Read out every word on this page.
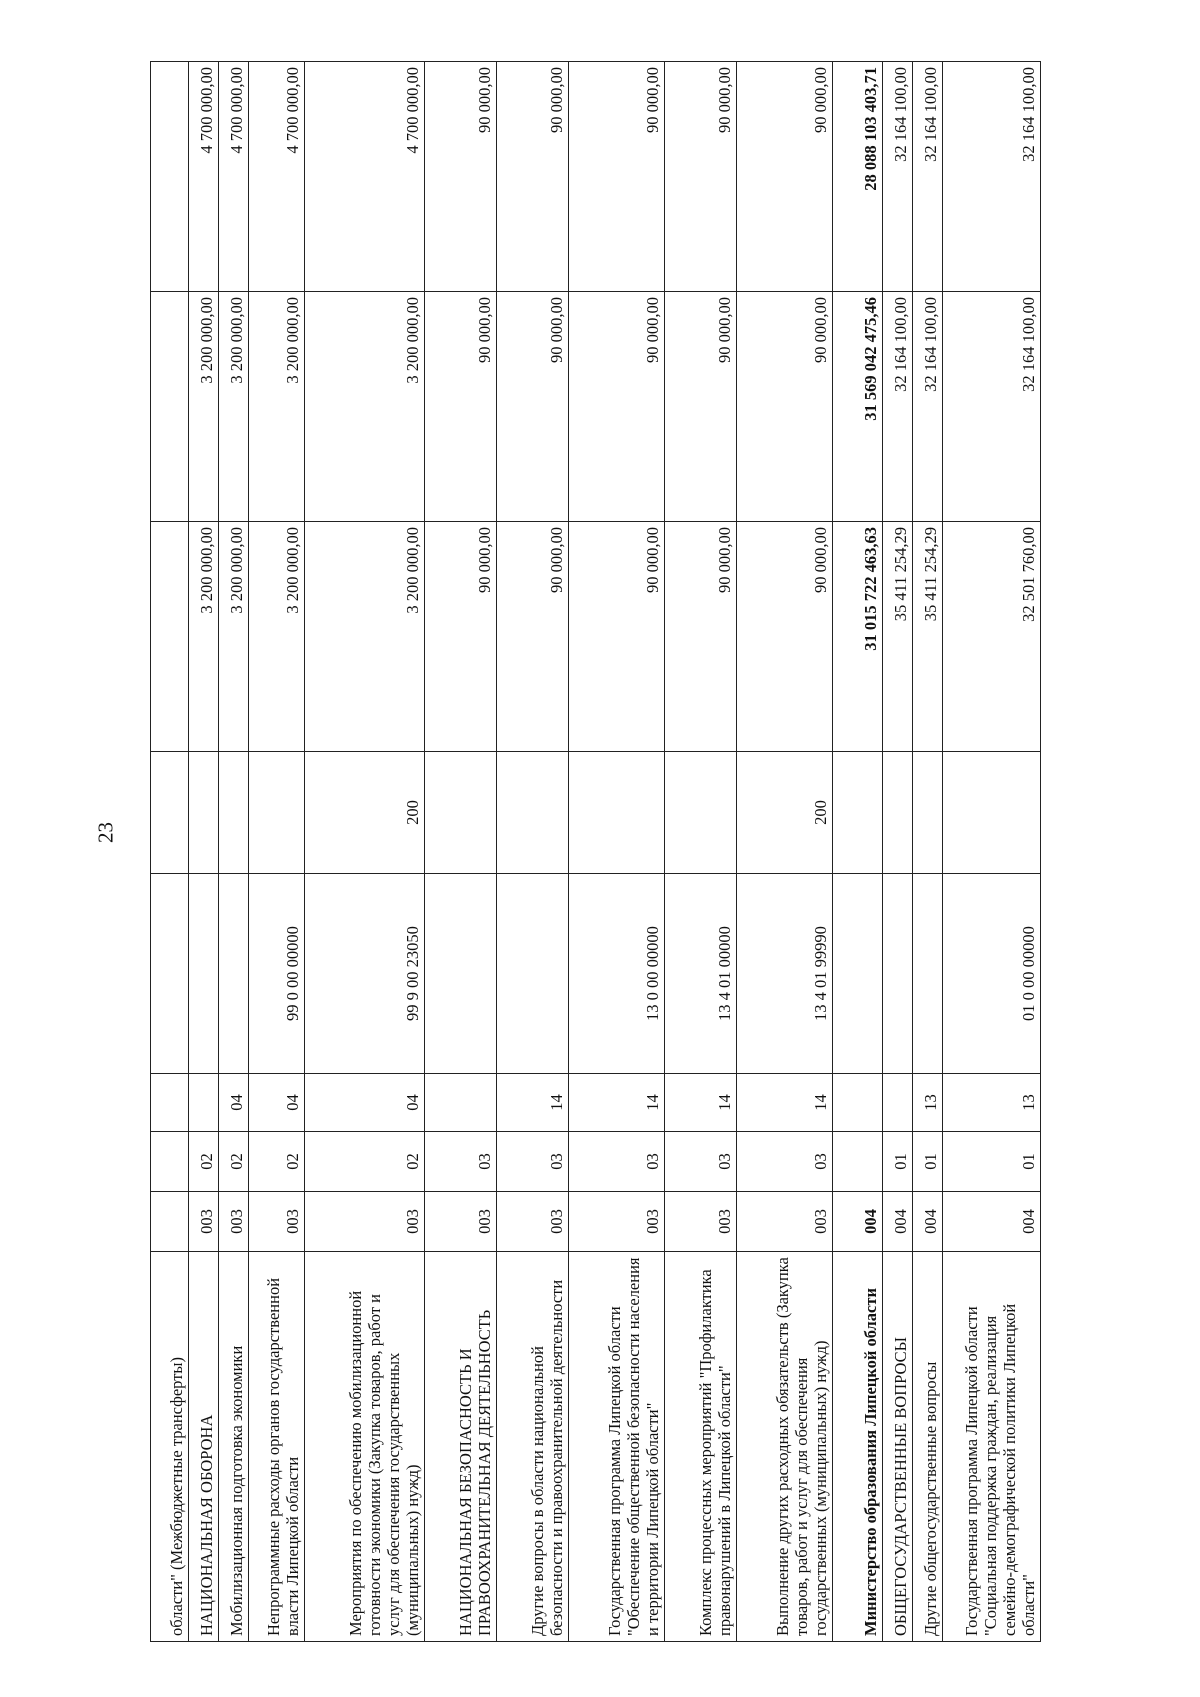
23
области" (Межбюджетные трансферты)								
НАЦИОНАЛЬНАЯ ОБОРОНА	003	02				3 200 000,00	3 200 000,00	4 700 000,00
Мобилизационная подготовка экономики	003	02	04			3 200 000,00	3 200 000,00	4 700 000,00
Непрограммные расходы органов государственной власти Липецкой области	003	02	04	99 0 00 00000		3 200 000,00	3 200 000,00	4 700 000,00
Мероприятия по обеспечению мобилизационной готовности экономики (Закупка товаров, работ и услуг для обеспечения государственных (муниципальных) нужд)	003	02	04	99 9 00 23050	200	3 200 000,00	3 200 000,00	4 700 000,00
НАЦИОНАЛЬНАЯ БЕЗОПАСНОСТЬ И ПРАВООХРАНИТЕЛЬНАЯ ДЕЯТЕЛЬНОСТЬ	003	03				90 000,00	90 000,00	90 000,00
Другие вопросы в области национальной безопасности и правоохранительной деятельности	003	03	14			90 000,00	90 000,00	90 000,00
Государственная программа Липецкой области "Обеспечение общественной безопасности населения и территории Липецкой области"	003	03	14	13 0 00 00000		90 000,00	90 000,00	90 000,00
Комплекс процессных мероприятий "Профилактика правонарушений в Липецкой области"	003	03	14	13 4 01 00000		90 000,00	90 000,00	90 000,00
Выполнение других расходных обязательств (Закупка товаров, работ и услуг для обеспечения государственных (муниципальных) нужд)	003	03	14	13 4 01 99990	200	90 000,00	90 000,00	90 000,00
Министерство образования Липецкой области	004					31 015 722 463,63	31 569 042 475,46	28 088 103 403,71
ОБЩЕГОСУДАРСТВЕННЫЕ ВОПРОСЫ	004	01				35 411 254,29	32 164 100,00	32 164 100,00
Другие общегосударственные вопросы	004	01	13			35 411 254,29	32 164 100,00	32 164 100,00
Государственная программа Липецкой области "Социальная поддержка граждан, реализация семейно-демографической политики Липецкой области"	004	01	13	01 0 00 00000		32 501 760,00	32 164 100,00	32 164 100,00
